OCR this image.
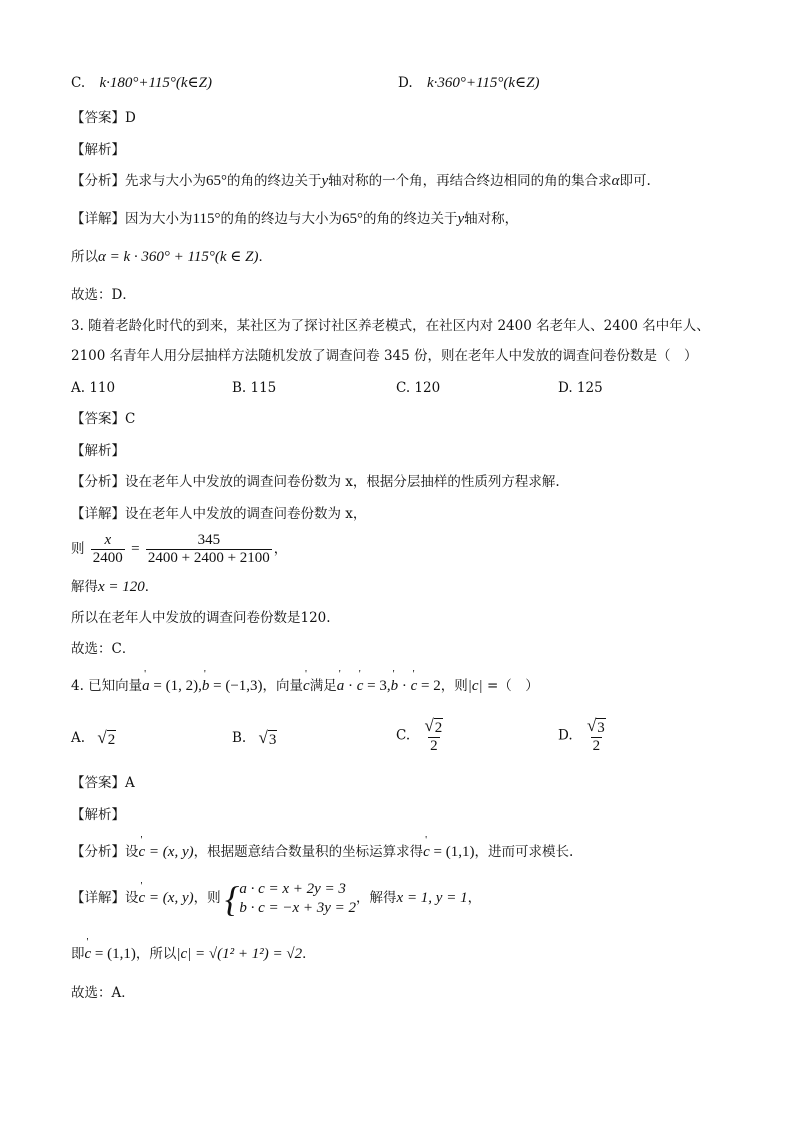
C. k·180°+115°(k∈Z)	D. k·360°+115°(k∈Z)
【答案】D
【解析】
【分析】先求与大小为65°的角的终边关于y轴对称的一个角，再结合终边相同的角的集合求α即可.
【详解】因为大小为115°的角的终边与大小为65°的角的终边关于y轴对称，
所以α = k · 360° + 115°(k ∈ Z)．
故选：D．
3. 随着老龄化时代的到来，某社区为了探讨社区养老模式，在社区内对 2400 名老年人、2400 名中年人、
2100 名青年人用分层抽样方法随机发放了调查问卷 345 份，则在老年人中发放的调查问卷份数是（　）
A. 110	B. 115	C. 120	D. 125
【答案】C
【解析】
【分析】设在老年人中发放的调查问卷份数为 x，根据分层抽样的性质列方程求解.
【详解】设在老年人中发放的调查问卷份数为 x，
则 $\frac{x}{2400} = \frac{345}{2400 + 2400 + 2100}$ ，
解得x = 120．
所以在老年人中发放的调查问卷份数是120.
故选：C．
4. 已知向量' a = (1, 2),' b = (−1,3)，向量' c满足' a · ' c = 3,' b · ' c = 2，则|c| =（　）
A. √ 2	B. √ 3	C. $\frac{√ 2}{2}$	D. $\frac{√ 3}{2}$
【答案】A
【解析】
【分析】设' c = (x, y)，根据题意结合数量积的坐标运算求得' c = (1,1)，进而可求模长.
【详解】设' c = (x, y)，则 { a · c = x + 2y = 3
b · c = −x + 3y = 2
，解得x = 1, y = 1，
即' c = (1,1)，所以|c| = √(1² + 1²) = √2．
故选：A．
